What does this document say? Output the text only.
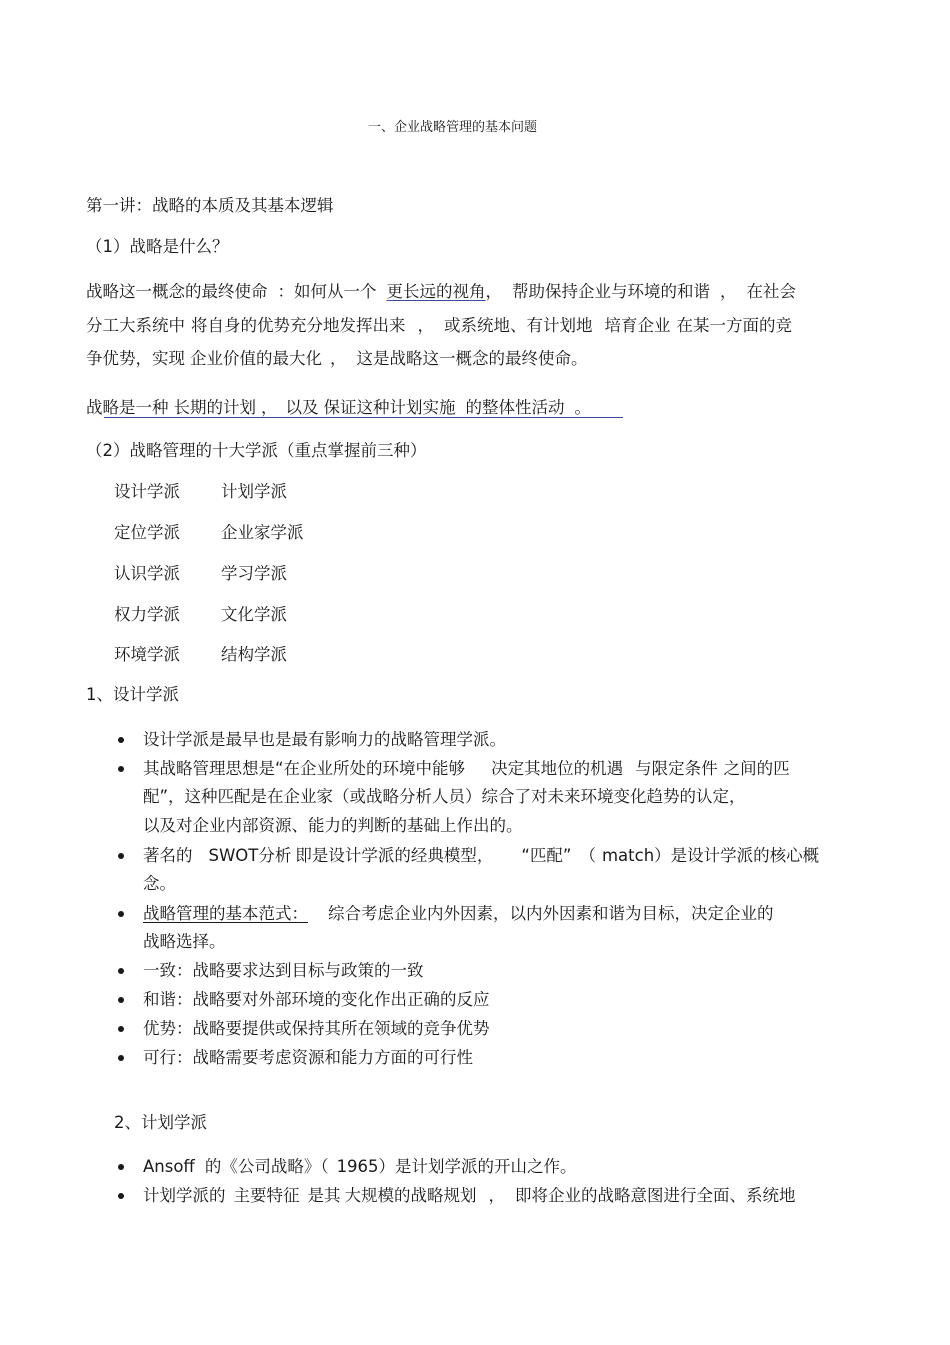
一、企业战略管理的基本问题
第一讲：战略的本质及其基本逻辑
（1）战略是什么？
战略这一概念的最终使命 ：如何从一个 更长远的视角， 帮助保持企业与环境的和谐 ， 在社会
分工大系统中 将自身的优势充分地发挥出来 ， 或系统地、有计划地 培育企业 在某一方面的竞
争优势，实现 企业价值的最大化 ， 这是战略这一概念的最终使命。
战略是一种 长期的计划 ， 以及 保证这种计划实施 的整体性活动 。
（2）战略管理的十大学派（重点掌握前三种）
设计学派 计划学派
定位学派 企业家学派
认识学派 学习学派
权力学派 文化学派
环境学派 结构学派
1、设计学派
设计学派是最早也是最有影响力的战略管理学派。
其战略管理思想是“在企业所处的环境中能够 决定其地位的机遇 与限定条件 之间的匹
配”，这种匹配是在企业家（或战略分析人员）综合了对未来环境变化趋势的认定，
以及对企业内部资源、能力的判断的基础上作出的。
著名的 SWOT分析 即是设计学派的经典模型， “匹配” （ match）是设计学派的核心概
念。
战略管理的基本范式： 综合考虑企业内外因素，以内外因素和谐为目标，决定企业的
战略选择。
一致：战略要求达到目标与政策的一致
和谐：战略要对外部环境的变化作出正确的反应
优势：战略要提供或保持其所在领域的竞争优势
可行：战略需要考虑资源和能力方面的可行性
2、计划学派
Ansoff 的《公司战略》（ 1965）是计划学派的开山之作。
计划学派的 主要特征 是其 大规模的战略规划 ， 即将企业的战略意图进行全面、系统地
